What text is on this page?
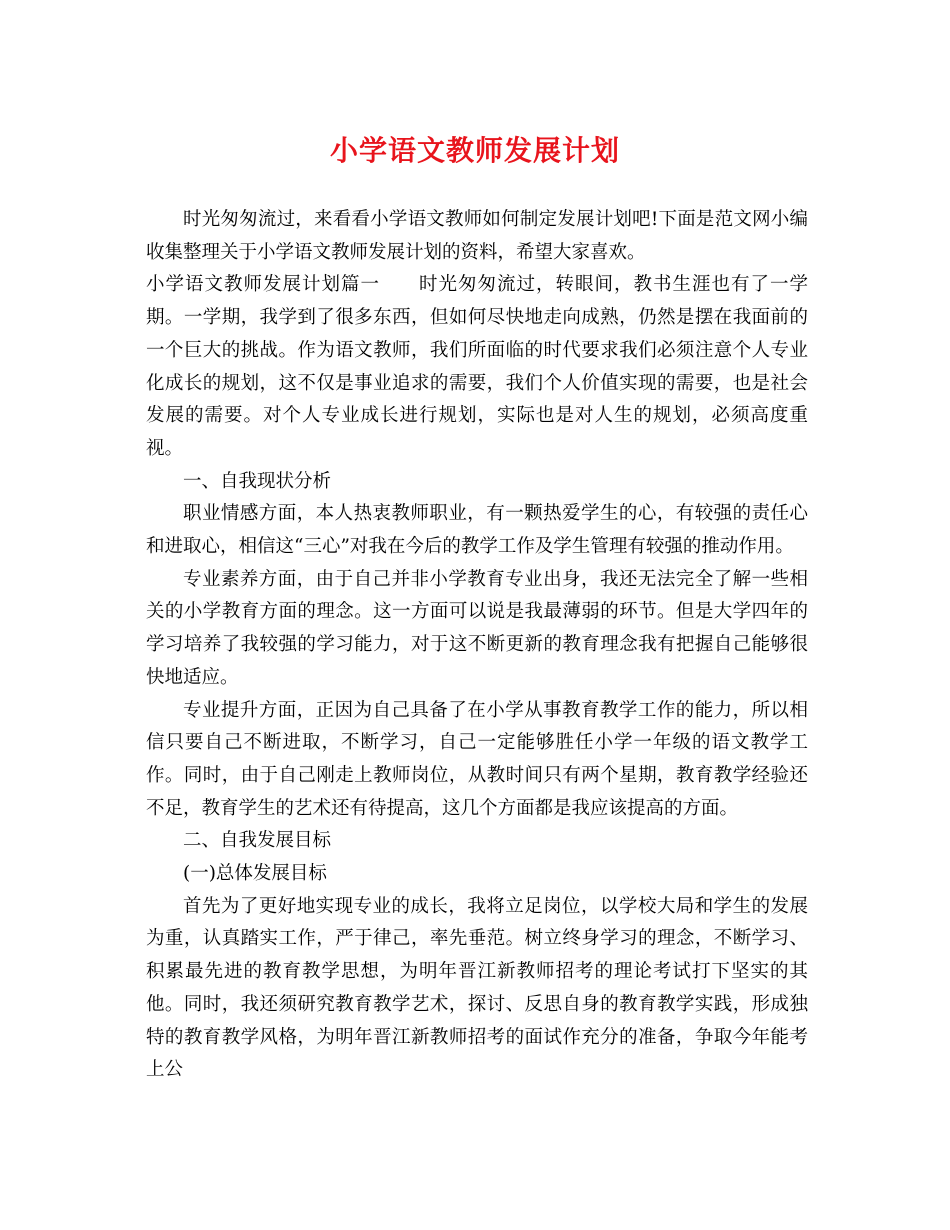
小学语文教师发展计划

时光匆匆流过，来看看小学语文教师如何制定发展计划吧!下面是范文网小编收集整理关于小学语文教师发展计划的资料，希望大家喜欢。

小学语文教师发展计划篇一 时光匆匆流过，转眼间，教书生涯也有了一学期。一学期，我学到了很多东西，但如何尽快地走向成熟，仍然是摆在我面前的一个巨大的挑战。作为语文教师，我们所面临的时代要求我们必须注意个人专业化成长的规划，这不仅是事业追求的需要，我们个人价值实现的需要，也是社会发展的需要。对个人专业成长进行规划，实际也是对人生的规划，必须高度重视。

一、自我现状分析

职业情感方面，本人热衷教师职业，有一颗热爱学生的心，有较强的责任心和进取心，相信这“三心”对我在今后的教学工作及学生管理有较强的推动作用。

专业素养方面，由于自己并非小学教育专业出身，我还无法完全了解一些相关的小学教育方面的理念。这一方面可以说是我最薄弱的环节。但是大学四年的学习培养了我较强的学习能力，对于这不断更新的教育理念我有把握自己能够很快地适应。

专业提升方面，正因为自己具备了在小学从事教育教学工作的能力，所以相信只要自己不断进取，不断学习，自己一定能够胜任小学一年级的语文教学工作。同时，由于自己刚走上教师岗位，从教时间只有两个星期，教育教学经验还不足，教育学生的艺术还有待提高，这几个方面都是我应该提高的方面。

二、自我发展目标

(一)总体发展目标

首先为了更好地实现专业的成长，我将立足岗位，以学校大局和学生的发展为重，认真踏实工作，严于律己，率先垂范。树立终身学习的理念，不断学习、积累最先进的教育教学思想，为明年晋江新教师招考的理论考试打下坚实的其他。同时，我还须研究教育教学艺术，探讨、反思自身的教育教学实践，形成独特的教育教学风格，为明年晋江新教师招考的面试作充分的准备，争取今年能考上公
